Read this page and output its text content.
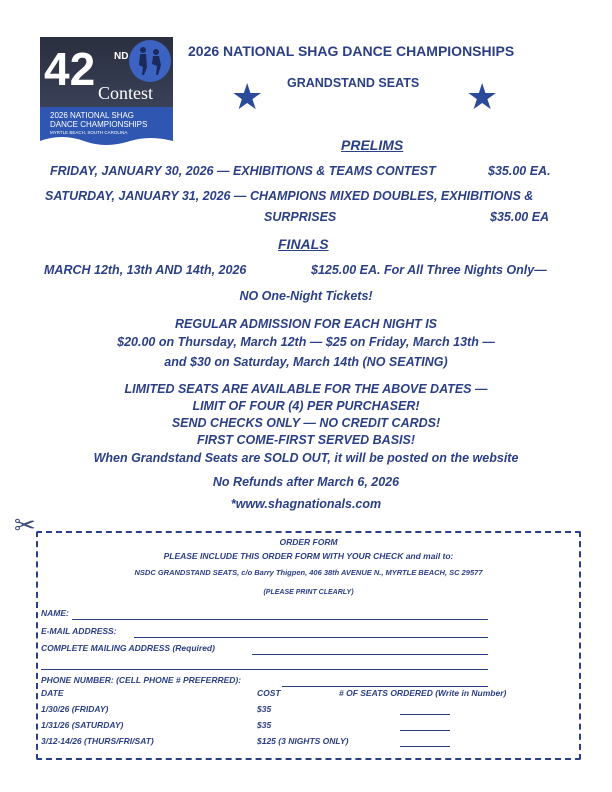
42 ND
Contest
2026 NATIONAL SHAG
DANCE CHAMPIONSHIPS
MYRTLE BEACH, SOUTH CAROLINA
2026 NATIONAL SHAG DANCE CHAMPIONSHIPS
GRANDSTAND SEATS
★	★
PRELIMS
FRIDAY, JANUARY 30, 2026 — EXHIBITIONS & TEAMS CONTEST	$35.00 EA.
SATURDAY, JANUARY 31, 2026 — CHAMPIONS MIXED DOUBLES, EXHIBITIONS &
SURPRISES	$35.00 EA
FINALS
MARCH 12th, 13th AND 14th, 2026	$125.00 EA. For All Three Nights Only—
NO One-Night Tickets!
REGULAR ADMISSION FOR EACH NIGHT IS
$20.00 on Thursday, March 12th — $25 on Friday, March 13th —
and $30 on Saturday, March 14th (NO SEATING)
LIMITED SEATS ARE AVAILABLE FOR THE ABOVE DATES —
LIMIT OF FOUR (4) PER PURCHASER!
SEND CHECKS ONLY — NO CREDIT CARDS!
FIRST COME-FIRST SERVED BASIS!
When Grandstand Seats are SOLD OUT, it will be posted on the website
No Refunds after March 6, 2026
*www.shagnationals.com
✂
ORDER FORM
PLEASE INCLUDE THIS ORDER FORM WITH YOUR CHECK and mail to:
NSDC GRANDSTAND SEATS, c/o Barry Thigpen, 406 38th AVENUE N., MYRTLE BEACH, SC 29577
(PLEASE PRINT CLEARLY)
NAME:
E-MAIL ADDRESS:
COMPLETE MAILING ADDRESS (Required)
PHONE NUMBER: (CELL PHONE # PREFERRED):
DATE	COST	# OF SEATS ORDERED (Write in Number)
1/30/26 (FRIDAY)	$35
1/31/26 (SATURDAY)	$35
3/12-14/26 (THURS/FRI/SAT)	$125 (3 NIGHTS ONLY)
